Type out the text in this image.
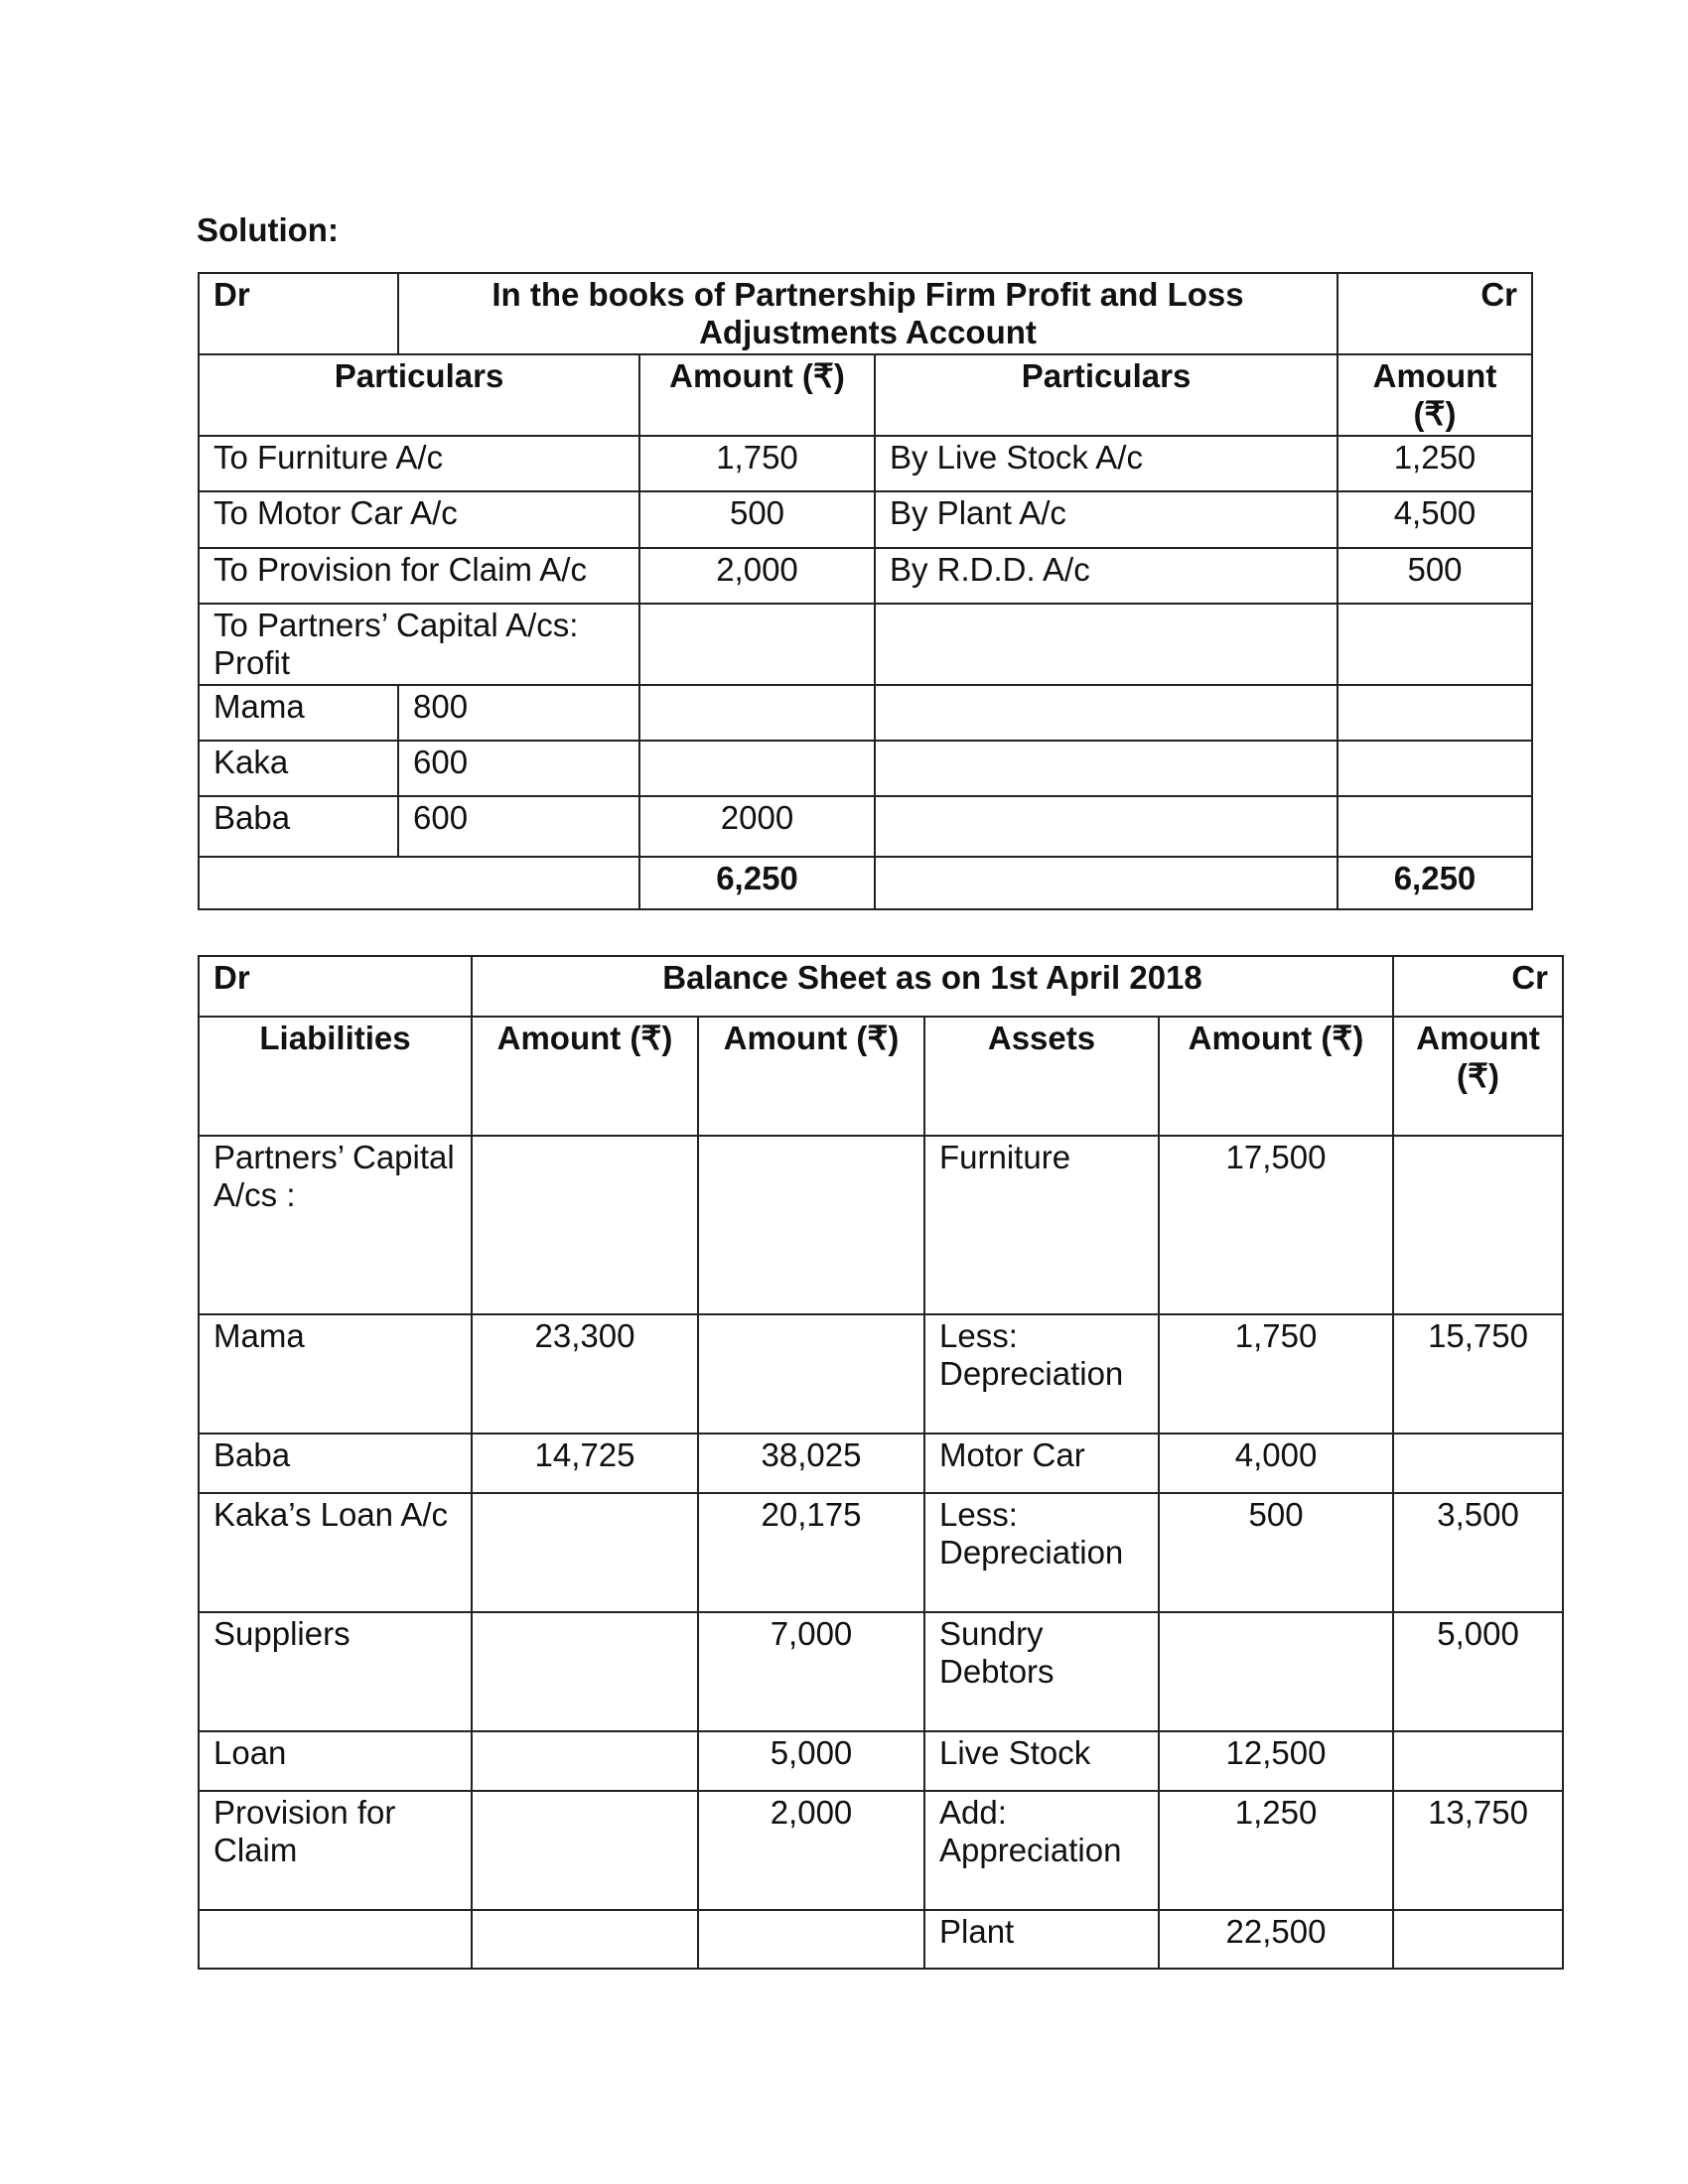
Solution:

Dr	In the books of Partnership Firm Profit and Loss Adjustments Account			Cr
Particulars		Amount (₹)	Particulars	Amount (₹)
To Furniture A/c		1,750	By Live Stock A/c	1,250
To Motor Car A/c		500	By Plant A/c	4,500
To Provision for Claim A/c		2,000	By R.D.D. A/c	500
To Partners’ Capital A/cs: Profit				
Mama	800			
Kaka	600			
Baba	600	2000		
		6,250		6,250
Dr	Balance Sheet as on 1st April 2018				Cr
Liabilities	Amount (₹)	Amount (₹)	Assets	Amount (₹)	Amount (₹)
Partners’ Capital A/cs :			Furniture	17,500	
Mama	23,300		Less: Depreciation	1,750	15,750
Baba	14,725	38,025	Motor Car	4,000	
Kaka’s Loan A/c		20,175	Less: Depreciation	500	3,500
Suppliers		7,000	Sundry Debtors		5,000
Loan		5,000	Live Stock	12,500	
Provision for Claim		2,000	Add: Appreciation	1,250	13,750
			Plant	22,500	
